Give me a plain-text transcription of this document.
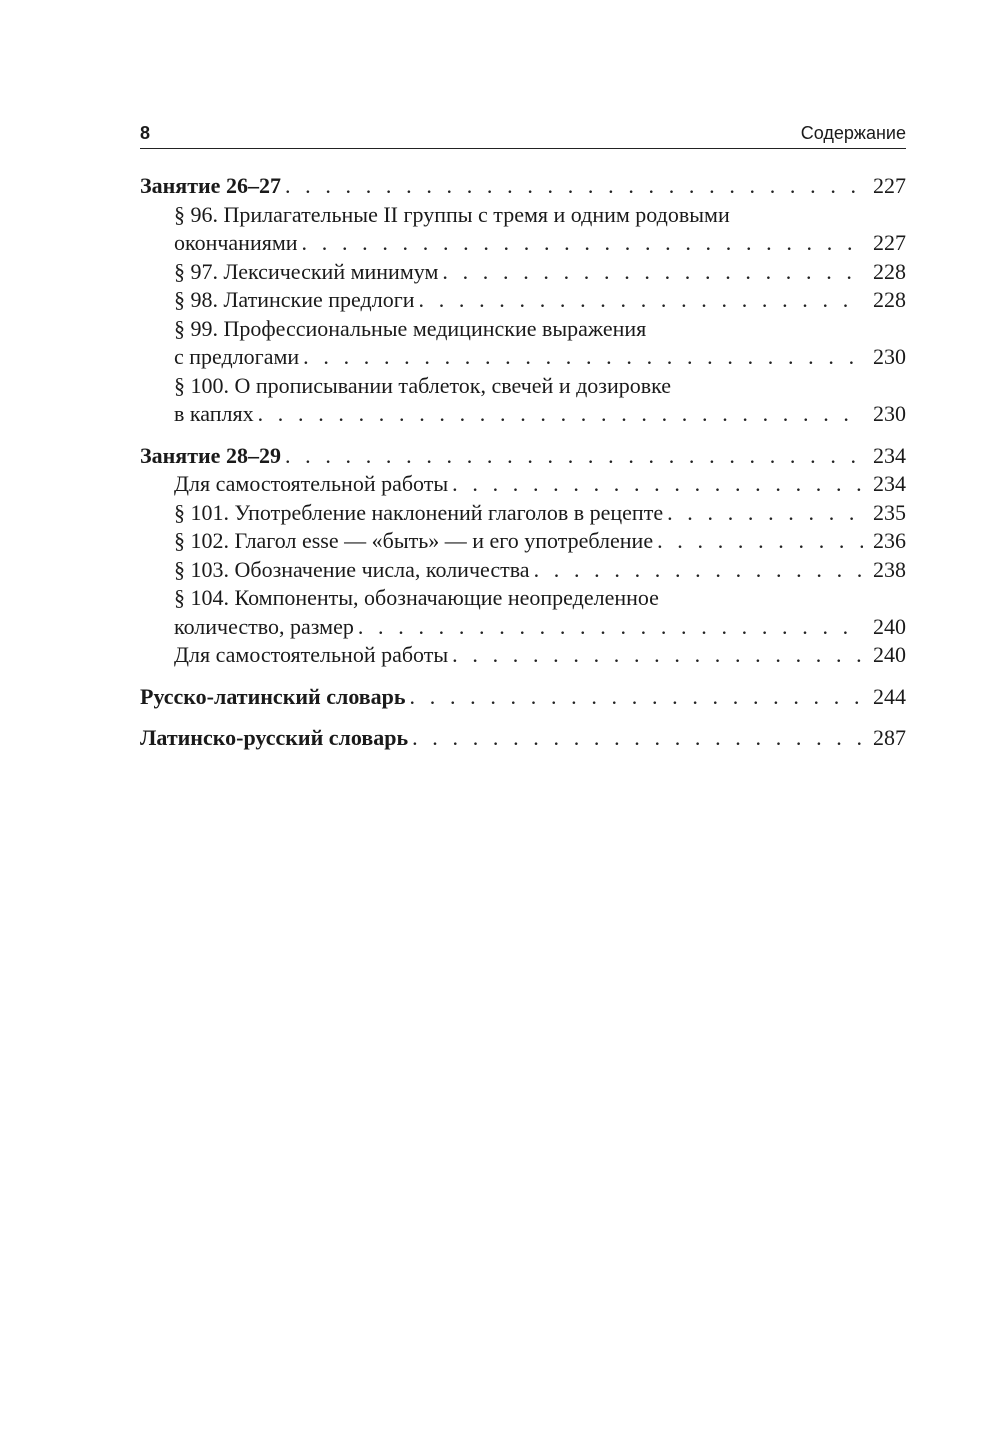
8	Содержание
Занятие 26–27 . . .	227
§ 96. Прилагательные II группы с тремя и одним родовыми
окончаниями . . .	227
§ 97. Лексический минимум . . .	228
§ 98. Латинские предлоги . . .	228
§ 99. Профессиональные медицинские выражения
с предлогами . . .	230
§ 100. О прописывании таблеток, свечей и дозировке
в каплях . . .	230
Занятие 28–29 . . .	234
Для самостоятельной работы . . .	234
§ 101. Употребление наклонений глаголов в рецепте . . .	235
§ 102. Глагол esse — «быть» — и его употребление . . .	236
§ 103. Обозначение числа, количества . . .	238
§ 104. Компоненты, обозначающие неопределенное
количество, размер . . .	240
Для самостоятельной работы . . .	240
Русско-латинский словарь . . .	244
Латинско-русский словарь . . .	287
